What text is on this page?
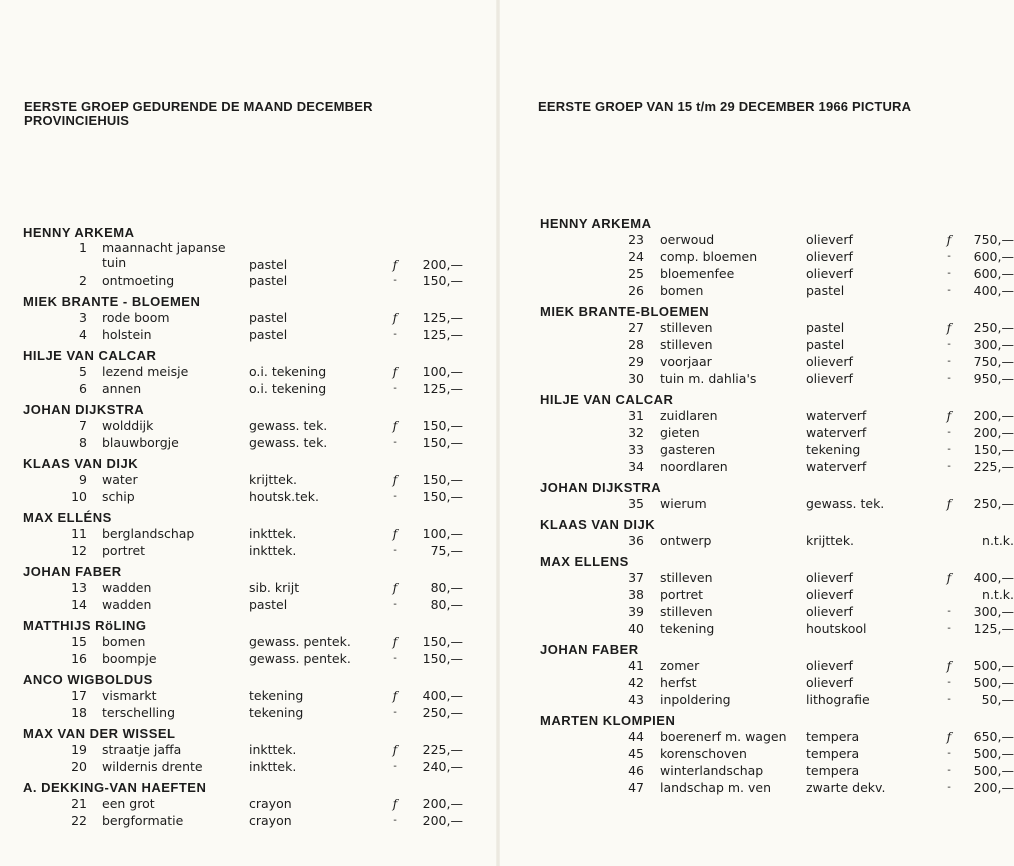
EERSTE GROEP GEDURENDE DE MAAND DECEMBER
PROVINCIEHUIS
HENNY ARKEMA
1 maannacht japanse tuin	pastel	f	200,—
2 ontmoeting	pastel	-	150,—
MIEK BRANTE - BLOEMEN
3 rode boom	pastel	f	125,—
4 holstein	pastel	-	125,—
HILJE VAN CALCAR
5 lezend meisje	o.i. tekening	f	100,—
6 annen	o.i. tekening	-	125,—
JOHAN DIJKSTRA
7 wolddijk	gewass. tek.	f	150,—
8 blauwborgje	gewass. tek.	-	150,—
KLAAS VAN DIJK
9 water	krijttek.	f	150,—
10 schip	houtsk.tek.	-	150,—
MAX ELLÉNS
11 berglandschap	inkttek.	f	100,—
12 portret	inkttek.	-	75,—
JOHAN FABER
13 wadden	sib. krijt	f	80,—
14 wadden	pastel	-	80,—
MATTHIJS RöLING
15 bomen	gewass. pentek.	f	150,—
16 boompje	gewass. pentek.	-	150,—
ANCO WIGBOLDUS
17 vismarkt	tekening	f	400,—
18 terschelling	tekening	-	250,—
MAX VAN DER WISSEL
19 straatje jaffa	inkttek.	f	225,—
20 wildernis drente	inkttek.	-	240,—
A. DEKKING-VAN HAEFTEN
21 een grot	crayon	f	200,—
22 bergformatie	crayon	-	200,—
EERSTE GROEP VAN 15 t/m 29 DECEMBER 1966 PICTURA
HENNY ARKEMA
23 oerwoud	olieverf	f	750,—
24 comp. bloemen	olieverf	-	600,—
25 bloemenfee	olieverf	-	600,—
26 bomen	pastel	-	400,—
MIEK BRANTE-BLOEMEN
27 stilleven	pastel	f	250,—
28 stilleven	pastel	-	300,—
29 voorjaar	olieverf	-	750,—
30 tuin m. dahlia's	olieverf	-	950,—
HILJE VAN CALCAR
31 zuidlaren	waterverf	f	200,—
32 gieten	waterverf	-	200,—
33 gasteren	tekening	-	150,—
34 noordlaren	waterverf	-	225,—
JOHAN DIJKSTRA
35 wierum	gewass. tek.	f	250,—
KLAAS VAN DIJK
36 ontwerp	krijttek.	n.t.k.
MAX ELLENS
37 stilleven	olieverf	f	400,—
38 portret	olieverf	n.t.k.
39 stilleven	olieverf	-	300,—
40 tekening	houtskool	-	125,—
JOHAN FABER
41 zomer	olieverf	f	500,—
42 herfst	olieverf	-	500,—
43 inpoldering	lithografie	-	50,—
MARTEN KLOMPIEN
44 boerenerf m. wagen	tempera	f	650,—
45 korenschoven	tempera	-	500,—
46 winterlandschap	tempera	-	500,—
47 landschap m. ven	zwarte dekv.	-	200,—
